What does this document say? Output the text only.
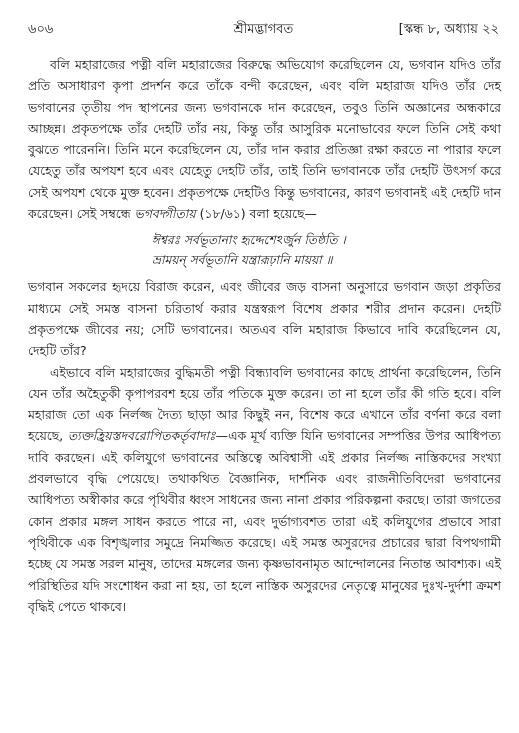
৬০৬	শ্রীমদ্ভাগবত	[স্কন্ধ ৮, অধ্যায় ২২

বলি মহারাজের পত্নী বলি মহারাজের বিরুদ্ধে অভিযোগ করেছিলেন যে, ভগবান যদিও তাঁর প্রতি অসাধারণ কৃপা প্রদর্শন করে তাঁকে বন্দী করেছেন, এবং বলি মহারাজ যদিও তাঁর দেহ ভগবানের তৃতীয় পদ স্থাপনের জন্য ভগবানকে দান করেছেন, তবুও তিনি অজ্ঞানের অন্ধকারে আচ্ছন্ন। প্রকৃতপক্ষে তাঁর দেহটি তাঁর নয়, কিন্তু তাঁর আসুরিক মনোভাবের ফলে তিনি সেই কথা বুঝতে পারেননি। তিনি মনে করেছিলেন যে, তাঁর দান করার প্রতিজ্ঞা রক্ষা করতে না পারার ফলে যেহেতু তাঁর অপযশ হবে এবং যেহেতু দেহটি তাঁর, তাই তিনি ভগবানকে তাঁর দেহটি উৎসর্গ করে সেই অপযশ থেকে মুক্ত হবেন। প্রকৃতপক্ষে দেহটিও কিন্তু ভগবানের, কারণ ভগবানই এই দেহটি দান করেছেন। সেই সম্বন্ধে ভগবদ্গীতায় (১৮/৬১) বলা হয়েছে—

ঈশ্বরঃ সর্বভূতানাং হৃদ্দেশেঽর্জুন তিষ্ঠতি ।
ভ্রাময়ন্ সর্বভূতানি যন্ত্রারূঢ়ানি মায়য়া ॥

ভগবান সকলের হৃদয়ে বিরাজ করেন, এবং জীবের জড় বাসনা অনুসারে ভগবান জড়া প্রকৃতির মাধ্যমে সেই সমস্ত বাসনা চরিতার্থ করার যন্ত্রস্বরূপ বিশেষ প্রকার শরীর প্রদান করেন। দেহটি প্রকৃতপক্ষে জীবের নয়; সেটি ভগবানের। অতএব বলি মহারাজ কিভাবে দাবি করেছিলেন যে, দেহটি তাঁর?

এইভাবে বলি মহারাজের বুদ্ধিমতী পত্নী বিন্ধ্যাবলি ভগবানের কাছে প্রার্থনা করেছিলেন, তিনি যেন তাঁর অহৈতুকী কৃপাপরবশ হয়ে তাঁর পতিকে মুক্ত করেন। তা না হলে তাঁর কী গতি হবে। বলি মহারাজ তো এক নির্লজ্জ দৈত্য ছাড়া আর কিছুই নন, বিশেষ করে এখানে তাঁর বর্ণনা করে বলা হয়েছে, ত্যক্তহ্রিয়স্তদবরোপিতকর্তৃবাদাঃ—এক মূর্খ ব্যক্তি যিনি ভগবানের সম্পত্তির উপর আধিপত্য দাবি করছেন। এই কলিযুগে ভগবানের অস্তিত্বে অবিশ্বাসী এই প্রকার নির্লজ্জ নাস্তিকদের সংখ্যা প্রবলভাবে বৃদ্ধি পেয়েছে। তথাকথিত বৈজ্ঞানিক, দার্শনিক এবং রাজনীতিবিদেরা ভগবানের আধিপত্য অস্বীকার করে পৃথিবীর ধ্বংস সাধনের জন্য নানা প্রকার পরিকল্পনা করছে। তারা জগতের কোন প্রকার মঙ্গল সাধন করতে পারে না, এবং দুর্ভাগ্যবশত তারা এই কলিযুগের প্রভাবে সারা পৃথিবীকে এক বিশৃঙ্খলার সমুদ্রে নিমজ্জিত করেছে। এই সমস্ত অসুরদের প্রচারের দ্বারা বিপথগামী হচ্ছে যে সমস্ত সরল মানুষ, তাদের মঙ্গলের জন্য কৃষ্ণভাবনামৃত আন্দোলনের নিতান্ত আবশ্যক। এই পরিস্থিতির যদি সংশোধন করা না হয়, তা হলে নাস্তিক অসুরদের নেতৃত্বে মানুষের দুঃখ-দুর্দশা ক্রমশ বৃদ্ধিই পেতে থাকবে।
